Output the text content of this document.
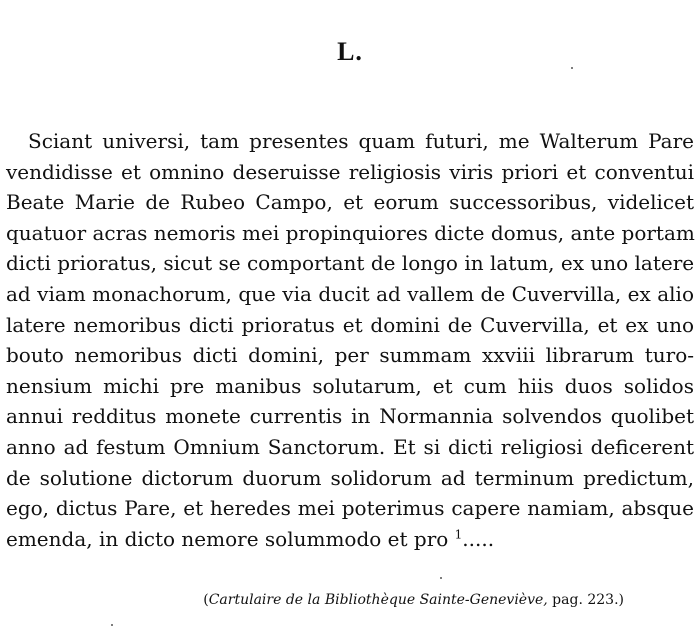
L.
Sciant universi, tam presentes quam futuri, me Walterum Pare
vendidisse et omnino deseruisse religiosis viris priori et conventui
Beate Marie de Rubeo Campo, et eorum successoribus, videlicet
quatuor acras nemoris mei propinquiores dicte domus, ante portam
dicti prioratus, sicut se comportant de longo in latum, ex uno latere
ad viam monachorum, que via ducit ad vallem de Cuvervilla, ex alio
latere nemoribus dicti prioratus et domini de Cuvervilla, et ex uno
bouto nemoribus dicti domini, per summam xxviii librarum turo-
nensium michi pre manibus solutarum, et cum hiis duos solidos
annui redditus monete currentis in Normannia solvendos quolibet
anno ad festum Omnium Sanctorum. Et si dicti religiosi deficerent
de solutione dictorum duorum solidorum ad terminum predictum,
ego, dictus Pare, et heredes mei poterimus capere namiam, absque
emenda, in dicto nemore solummodo et pro $^1$.....
(Cartulaire de la Bibliothèque Sainte-Geneviève, pag. 223.)
